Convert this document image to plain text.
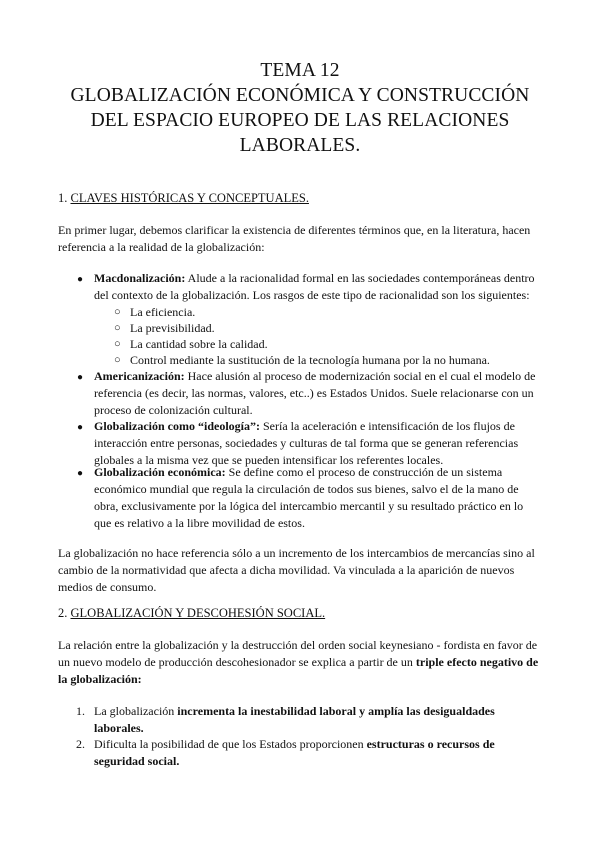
TEMA 12
GLOBALIZACIÓN ECONÓMICA Y CONSTRUCCIÓN
DEL ESPACIO EUROPEO DE LAS RELACIONES
LABORALES.
1. CLAVES HISTÓRICAS Y CONCEPTUALES.
En primer lugar, debemos clarificar la existencia de diferentes términos que, en la literatura, hacen
referencia a la realidad de la globalización:
● Macdonalización: Alude a la racionalidad formal en las sociedades contemporáneas dentro
del contexto de la globalización. Los rasgos de este tipo de racionalidad son los siguientes:
○ La eficiencia.
○ La previsibilidad.
○ La cantidad sobre la calidad.
○ Control mediante la sustitución de la tecnología humana por la no humana.
● Americanización: Hace alusión al proceso de modernización social en el cual el modelo de
referencia (es decir, las normas, valores, etc..) es Estados Unidos. Suele relacionarse con un
proceso de colonización cultural.
● Globalización como “ideología”: Sería la aceleración e intensificación de los flujos de
interacción entre personas, sociedades y culturas de tal forma que se generan referencias
globales a la misma vez que se pueden intensificar los referentes locales.
● Globalización económica: Se define como el proceso de construcción de un sistema
económico mundial que regula la circulación de todos sus bienes, salvo el de la mano de
obra, exclusivamente por la lógica del intercambio mercantil y su resultado práctico en lo
que es relativo a la libre movilidad de estos.
La globalización no hace referencia sólo a un incremento de los intercambios de mercancías sino al
cambio de la normatividad que afecta a dicha movilidad. Va vinculada a la aparición de nuevos
medios de consumo.
2. GLOBALIZACIÓN Y DESCOHESIÓN SOCIAL.
La relación entre la globalización y la destrucción del orden social keynesiano - fordista en favor de
un nuevo modelo de producción descohesionador se explica a partir de un triple efecto negativo de
la globalización:
1. La globalización incrementa la inestabilidad laboral y amplía las desigualdades
laborales.
2. Dificulta la posibilidad de que los Estados proporcionen estructuras o recursos de
seguridad social.
